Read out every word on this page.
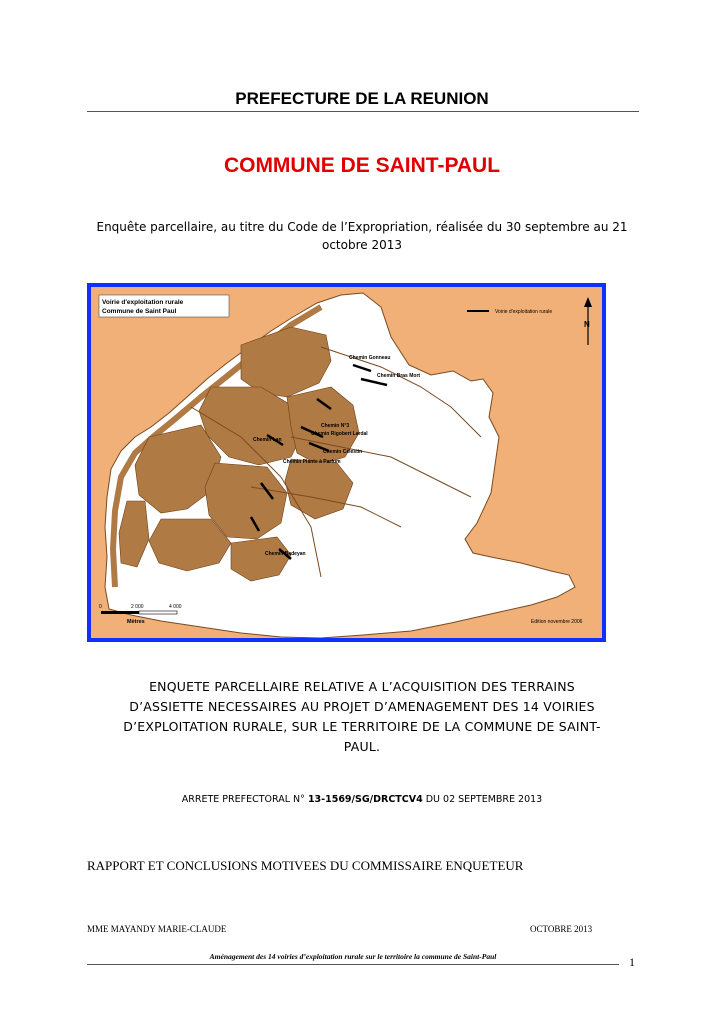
PREFECTURE DE LA REUNION
COMMUNE DE SAINT-PAUL
Enquête parcellaire, au titre du Code de l’Expropriation, réalisée du 30 septembre au 21
octobre 2013
Voirie d'exploitation rurale
Commune de Saint Paul	Voirie d'exploitation rurale
N
Chemin Gonneau
Chemin Bras Mort
Chemin N°3
Chemin Rigobert Lardal
Chemin Célestin
Chemin Plante à Parfum
Chemin Lan
Chemin Badeyan
0	2 000	4 000
Mètres	Edition novembre 2006
ENQUETE PARCELLAIRE RELATIVE A L’ACQUISITION DES TERRAINS
D’ASSIETTE NECESSAIRES AU PROJET D’AMENAGEMENT DES 14 VOIRIES
D’EXPLOITATION RURALE, SUR LE TERRITOIRE DE LA COMMUNE DE SAINT-
PAUL.
ARRETE PREFECTORAL N° 13-1569/SG/DRCTCV4 DU 02 SEPTEMBRE 2013
RAPPORT ET CONCLUSIONS MOTIVEES DU COMMISSAIRE ENQUETEUR
MME MAYANDY MARIE-CLAUDE	OCTOBRE 2013
Aménagement des 14 voiries d’exploitation rurale sur le territoire la commune de Saint-Paul	1
